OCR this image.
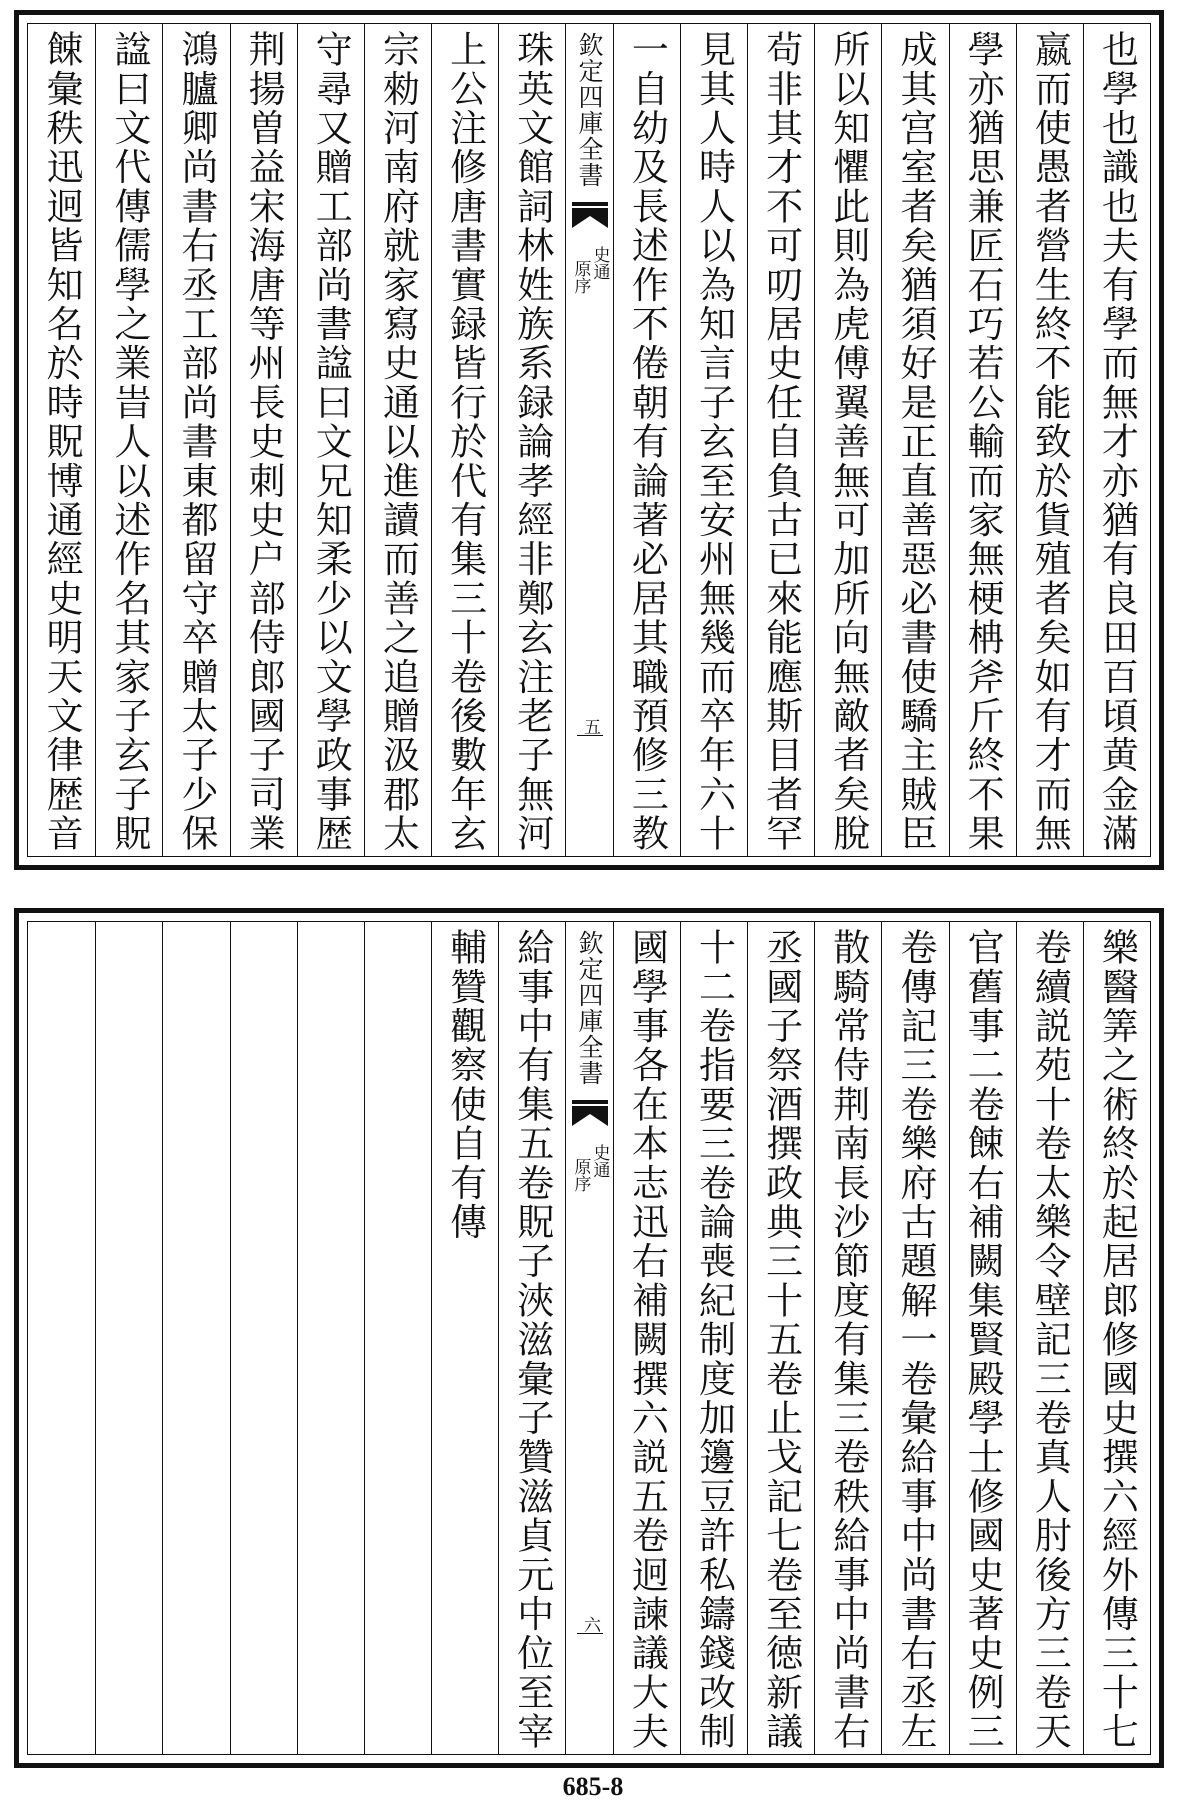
也學也識也夫有學而無才亦猶有良田百頃黄金滿
嬴而使愚者營生終不能致於貨殖者矣如有才而無
學亦猶思兼匠石巧若公輸而家無梗柟斧斤終不果
成其宫室者矣猶須好是正直善惡必書使驕主賊臣
所以知懼此則為虎傅翼善無可加所向無敵者矣脫
茍非其才不可叨居史任自負古已來能應斯目者罕
見其人時人以為知言子玄至安州無幾而卒年六十
一自幼及長述作不倦朝有論著必居其職預修三教
欽定四庫全書
史通
原序
五
珠英文館詞林姓族系録論孝經非鄭玄注老子無河
上公注修唐書實録皆行於代有集三十卷後數年玄
宗勑河南府就家寫史通以進讀而善之追贈汲郡太
守尋又贈工部尚書諡曰文兄知柔少以文學政事歴
荆揚曽益宋海唐等州長史刺史户部侍郎國子司業
鴻臚卿尚書右丞工部尚書東都留守卒贈太子少保
諡曰文代傳儒學之業旹人以述作名其家子玄子貺
餗彙秩迅迥皆知名於時貺博通經史明天文律歴音
樂醫筭之術終於起居郎修國史撰六經外傳三十七
卷續説苑十卷太樂令壁記三卷真人肘後方三卷天
官舊事二卷餗右補闕集賢殿學士修國史著史例三
卷傳記三卷樂府古題解一卷彙給事中尚書右丞左
散騎常侍荆南長沙節度有集三卷秩給事中尚書右
丞國子祭酒撰政典三十五卷止戈記七卷至徳新議
十二卷指要三卷論喪紀制度加籩豆許私鑄錢改制
國學事各在本志迅右補闕撰六説五卷迥諫議大夫
欽定四庫全書
史通
原序
六
給事中有集五卷貺子浹滋彙子贊滋貞元中位至宰
輔贊觀察使自有傳
685-8
